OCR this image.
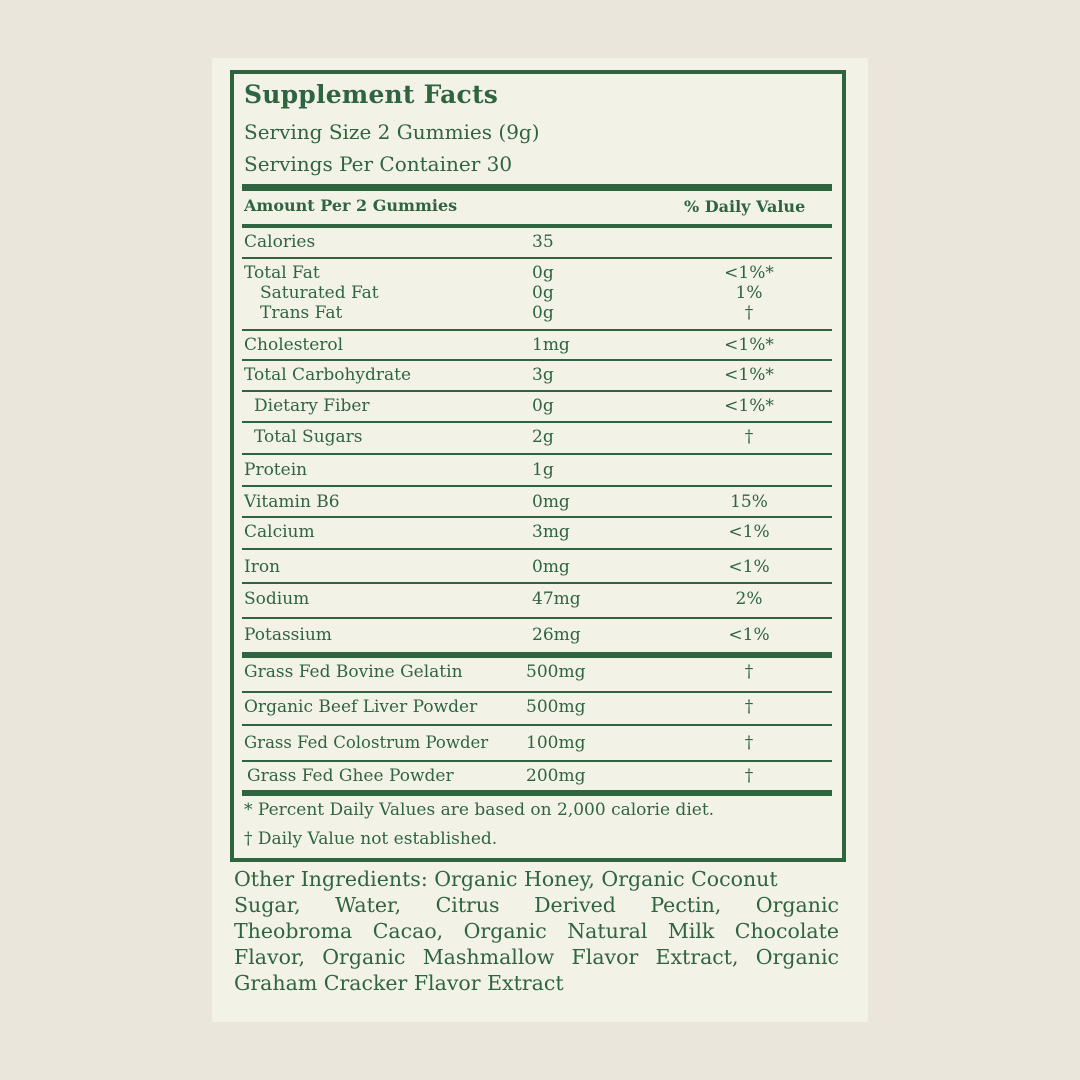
Supplement Facts
Serving Size 2 Gummies (9g)
Servings Per Container 30
Amount Per 2 Gummies	% Daily Value
Calories	35
Total Fat	0g	<1%*
Saturated Fat	0g	1%
Trans Fat	0g	†
Cholesterol	1mg	<1%*
Total Carbohydrate	3g	<1%*
Dietary Fiber	0g	<1%*
Total Sugars	2g	†
Protein	1g
Vitamin B6	0mg	15%
Calcium	3mg	<1%
Iron	0mg	<1%
Sodium	47mg	2%
Potassium	26mg	<1%
Grass Fed Bovine Gelatin	500mg	†
Organic Beef Liver Powder	500mg	†
Grass Fed Colostrum Powder 100mg	†
Grass Fed Ghee Powder	200mg	†
* Percent Daily Values are based on 2,000 calorie diet.
† Daily Value not established.
Other Ingredients: Organic Honey, Organic Coconut
Sugar, Water, Citrus Derived Pectin, Organic
Theobroma Cacao, Organic Natural Milk Chocolate
Flavor, Organic Mashmallow Flavor Extract, Organic
Graham Cracker Flavor Extract
